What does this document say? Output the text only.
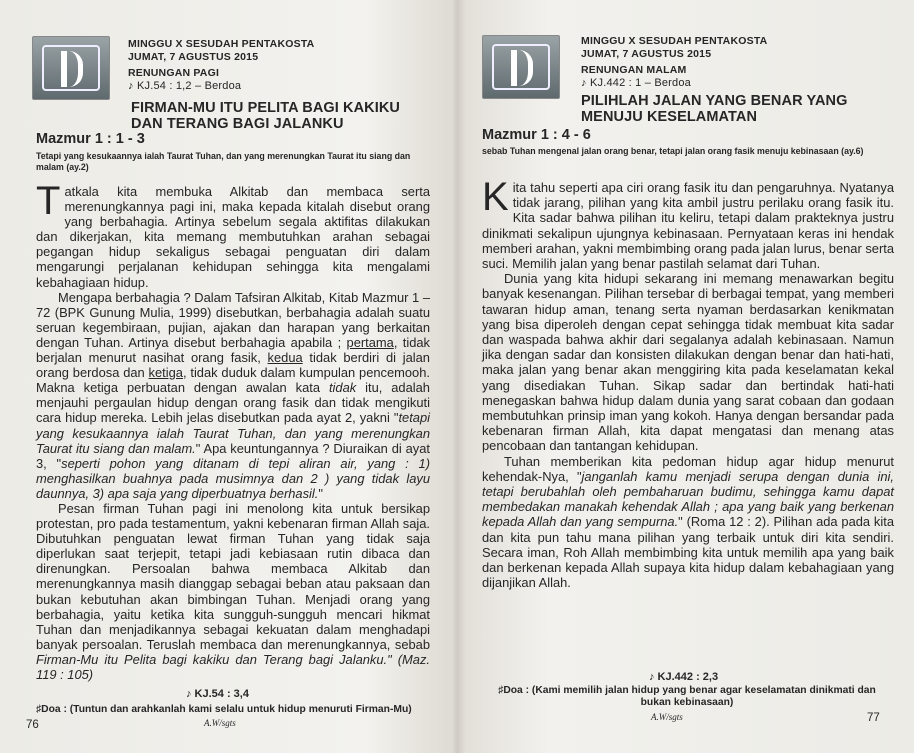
MINGGU X SESUDAH PENTAKOSTA
JUMAT, 7 AGUSTUS 2015
RENUNGAN PAGI
♪ KJ.54 : 1,2 – Berdoa
FIRMAN-MU ITU PELITA BAGI KAKIKU DAN TERANG BAGI JALANKU
Mazmur 1 : 1 - 3
Tetapi yang kesukaannya ialah Taurat Tuhan, dan yang merenungkan Taurat itu siang dan malam (ay.2)

Tatkala kita membuka Alkitab dan membaca serta merenungkannya pagi ini, maka kepada kitalah disebut orang yang berbahagia. Artinya sebelum segala aktifitas dilakukan dan dikerjakan, kita memang membutuhkan arahan sebagai pegangan hidup sekaligus sebagai penguatan diri dalam mengarungi perjalanan kehidupan sehingga kita mengalami kebahagiaan hidup.

Mengapa berbahagia ? Dalam Tafsiran Alkitab, Kitab Mazmur 1 – 72 (BPK Gunung Mulia, 1999) disebutkan, berbahagia adalah suatu seruan kegembiraan, pujian, ajakan dan harapan yang berkaitan dengan Tuhan. Artinya disebut berbahagia apabila ; pertama, tidak berjalan menurut nasihat orang fasik, kedua tidak berdiri di jalan orang berdosa dan ketiga, tidak duduk dalam kumpulan pencemooh. Makna ketiga perbuatan dengan awalan kata tidak itu, adalah menjauhi pergaulan hidup dengan orang fasik dan tidak mengikuti cara hidup mereka. Lebih jelas disebutkan pada ayat 2, yakni "tetapi yang kesukaannya ialah Taurat Tuhan, dan yang merenungkan Taurat itu siang dan malam." Apa keuntungannya ? Diuraikan di ayat 3, "seperti pohon yang ditanam di tepi aliran air, yang : 1) menghasilkan buahnya pada musimnya dan 2 ) yang tidak layu daunnya, 3) apa saja yang diperbuatnya berhasil."

Pesan firman Tuhan pagi ini menolong kita untuk bersikap protestan, pro pada testamentum, yakni kebenaran firman Allah saja. Dibutuhkan penguatan lewat firman Tuhan yang tidak saja diperlukan saat terjepit, tetapi jadi kebiasaan rutin dibaca dan direnungkan. Persoalan bahwa membaca Alkitab dan merenungkannya masih dianggap sebagai beban atau paksaan dan bukan kebutuhan akan bimbingan Tuhan. Menjadi orang yang berbahagia, yaitu ketika kita sungguh-sungguh mencari hikmat Tuhan dan menjadikannya sebagai kekuatan dalam menghadapi banyak persoalan. Teruslah membaca dan merenungkannya, sebab Firman-Mu itu Pelita bagi kakiku dan Terang bagi Jalanku." (Maz. 119 : 105)

♪ KJ.54 : 3,4
♯Doa : (Tuntun dan arahkanlah kami selalu untuk hidup menuruti Firman-Mu)
A.W/sgts
76
MINGGU X SESUDAH PENTAKOSTA
JUMAT, 7 AGUSTUS 2015
RENUNGAN MALAM
♪ KJ.442 : 1 – Berdoa
PILIHLAH JALAN YANG BENAR YANG MENUJU KESELAMATAN
Mazmur 1 : 4 - 6
sebab Tuhan mengenal jalan orang benar, tetapi jalan orang fasik menuju kebinasaan (ay.6)

Kita tahu seperti apa ciri orang fasik itu dan pengaruhnya. Nyatanya tidak jarang, pilihan yang kita ambil justru perilaku orang fasik itu. Kita sadar bahwa pilihan itu keliru, tetapi dalam prakteknya justru dinikmati sekalipun ujungnya kebinasaan. Pernyataan keras ini hendak memberi arahan, yakni membimbing orang pada jalan lurus, benar serta suci. Memilih jalan yang benar pastilah selamat dari Tuhan.

Dunia yang kita hidupi sekarang ini memang menawarkan begitu banyak kesenangan. Pilihan tersebar di berbagai tempat, yang memberi tawaran hidup aman, tenang serta nyaman berdasarkan kenikmatan yang bisa diperoleh dengan cepat sehingga tidak membuat kita sadar dan waspada bahwa akhir dari segalanya adalah kebinasaan. Namun jika dengan sadar dan konsisten dilakukan dengan benar dan hati-hati, maka jalan yang benar akan menggiring kita pada keselamatan kekal yang disediakan Tuhan. Sikap sadar dan bertindak hati-hati menegaskan bahwa hidup dalam dunia yang sarat cobaan dan godaan membutuhkan prinsip iman yang kokoh. Hanya dengan bersandar pada kebenaran firman Allah, kita dapat mengatasi dan menang atas pencobaan dan tantangan kehidupan.

Tuhan memberikan kita pedoman hidup agar hidup menurut kehendak-Nya, "janganlah kamu menjadi serupa dengan dunia ini, tetapi berubahlah oleh pembaharuan budimu, sehingga kamu dapat membedakan manakah kehendak Allah ; apa yang baik yang berkenan kepada Allah dan yang sempurna." (Roma 12 : 2). Pilihan ada pada kita dan kita pun tahu mana pilihan yang terbaik untuk diri kita sendiri. Secara iman, Roh Allah membimbing kita untuk memilih apa yang baik dan berkenan kepada Allah supaya kita hidup dalam kebahagiaan yang dijanjikan Allah.

♪ KJ.442 : 2,3
♯Doa : (Kami memilih jalan hidup yang benar agar keselamatan dinikmati dan bukan kebinasaan)
A.W/sgts	77
